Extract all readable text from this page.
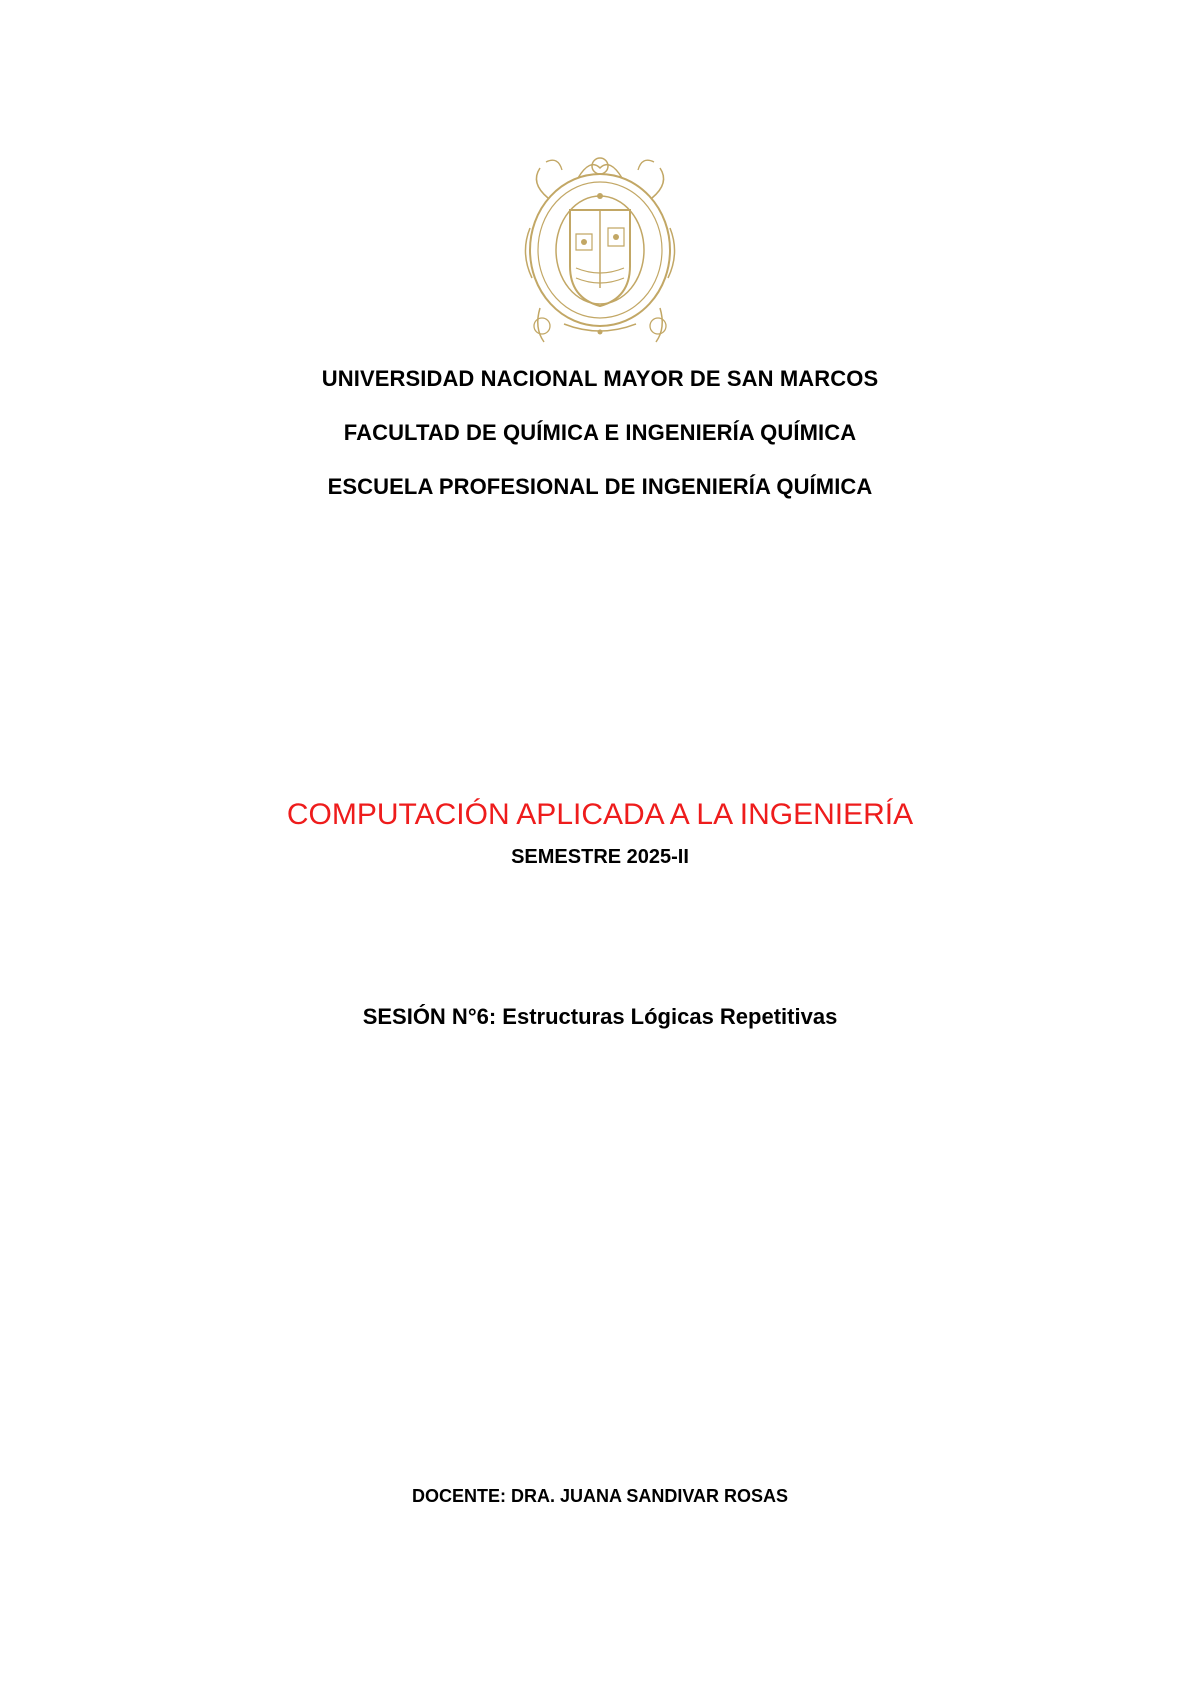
UNIVERSIDAD NACIONAL MAYOR DE SAN MARCOS
FACULTAD DE QUÍMICA E INGENIERÍA QUÍMICA
ESCUELA PROFESIONAL DE INGENIERÍA QUÍMICA
COMPUTACIÓN APLICADA A LA INGENIERÍA
SEMESTRE 2025-II
SESIÓN N°6: Estructuras Lógicas Repetitivas
DOCENTE: DRA. JUANA SANDIVAR ROSAS
